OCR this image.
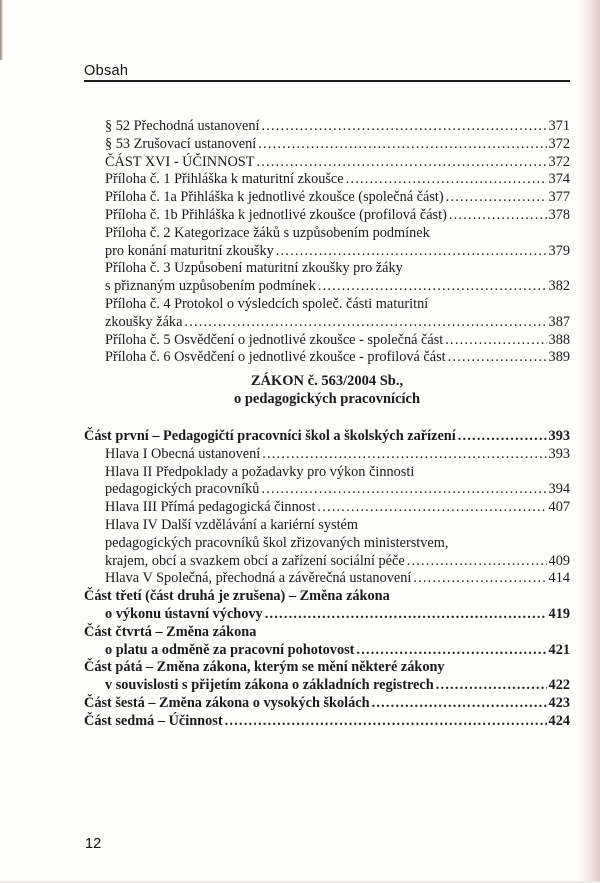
Obsah
§ 52 Přechodná ustanovení .....	371
§ 53 Zrušovací ustanovení .....	372
ČÁST XVI - ÚČINNOST .....	372
Příloha č. 1 Přihláška k maturitní zkoušce .....	374
Příloha č. 1a Přihláška k jednotlivé zkoušce (společná část) .....	377
Příloha č. 1b Přihláška k jednotlivé zkoušce (profilová část) .....	378
Příloha č. 2 Kategorizace žáků s uzpůsobením podmínek
pro konání maturitní zkoušky .....	379
Příloha č. 3 Uzpůsobení maturitní zkoušky pro žáky
s přiznaným uzpůsobením podmínek .....	382
Příloha č. 4 Protokol o výsledcích společ. části maturitní
zkoušky žáka .....	387
Příloha č. 5 Osvědčení o jednotlivé zkoušce - společná část .....	388
Příloha č. 6 Osvědčení o jednotlivé zkoušce - profilová část .....	389
ZÁKON č. 563/2004 Sb.,
o pedagogických pracovnících
Část první – Pedagogičtí pracovníci škol a školských zařízení .....	393
Hlava I Obecná ustanovení .....	393
Hlava II Předpoklady a požadavky pro výkon činnosti
pedagogických pracovníků .....	394
Hlava III Přímá pedagogická činnost .....	407
Hlava IV Další vzdělávání a kariérní systém
pedagogických pracovníků škol zřizovaných ministerstvem,
krajem, obcí a svazkem obcí a zařízení sociální péče .....	409
Hlava V Společná, přechodná a závěrečná ustanovení .....	414
Část třetí (část druhá je zrušena) – Změna zákona
o výkonu ústavní výchovy .....	419
Část čtvrtá – Změna zákona
o platu a odměně za pracovní pohotovost .....	421
Část pátá – Změna zákona, kterým se mění některé zákony
v souvislosti s přijetím zákona o základních registrech .....	422
Část šestá – Změna zákona o vysokých školách .....	423
Část sedmá – Účinnost .....	424
12
